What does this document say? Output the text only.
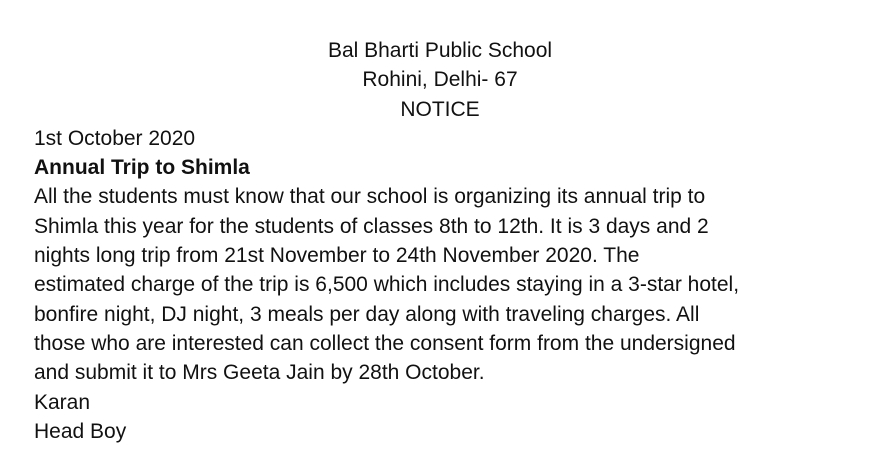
Bal Bharti Public School
Rohini, Delhi- 67
NOTICE
1st October 2020
Annual Trip to Shimla
All the students must know that our school is organizing its annual trip to
Shimla this year for the students of classes 8th to 12th. It is 3 days and 2
nights long trip from 21st November to 24th November 2020. The
estimated charge of the trip is 6,500 which includes staying in a 3-star hotel,
bonfire night, DJ night, 3 meals per day along with traveling charges. All
those who are interested can collect the consent form from the undersigned
and submit it to Mrs Geeta Jain by 28th October.
Karan
Head Boy
